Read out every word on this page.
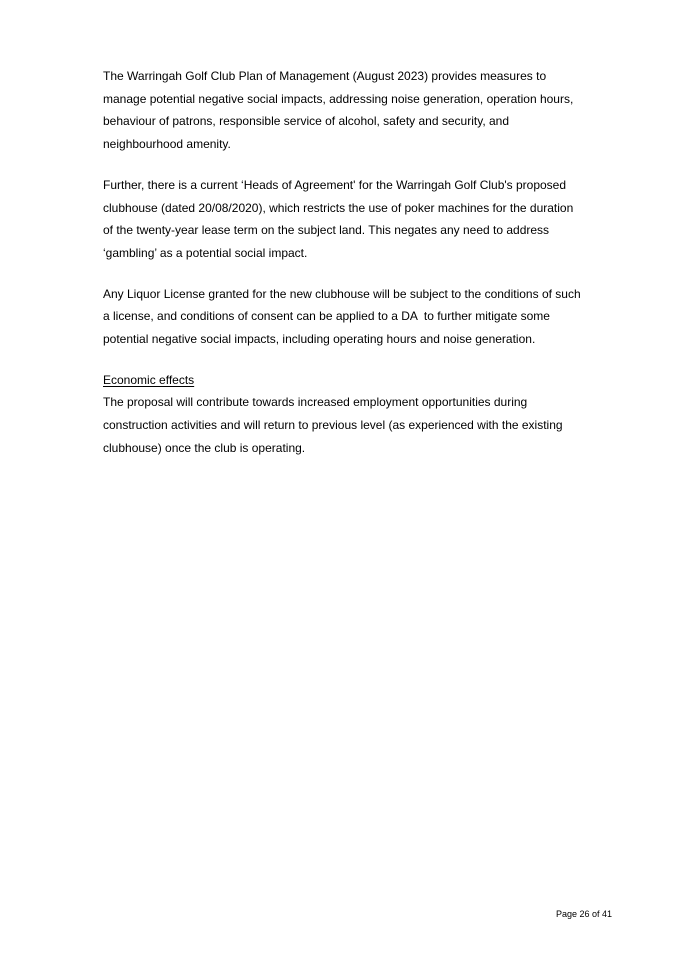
The Warringah Golf Club Plan of Management (August 2023) provides measures to
manage potential negative social impacts, addressing noise generation, operation hours,
behaviour of patrons, responsible service of alcohol, safety and security, and
neighbourhood amenity.
Further, there is a current ‘Heads of Agreement' for the Warringah Golf Club's proposed
clubhouse (dated 20/08/2020), which restricts the use of poker machines for the duration
of the twenty-year lease term on the subject land. This negates any need to address
‘gambling’ as a potential social impact.
Any Liquor License granted for the new clubhouse will be subject to the conditions of such
a license, and conditions of consent can be applied to a DA  to further mitigate some
potential negative social impacts, including operating hours and noise generation.
Economic effects
The proposal will contribute towards increased employment opportunities during
construction activities and will return to previous level (as experienced with the existing
clubhouse) once the club is operating.
Page 26 of 41
